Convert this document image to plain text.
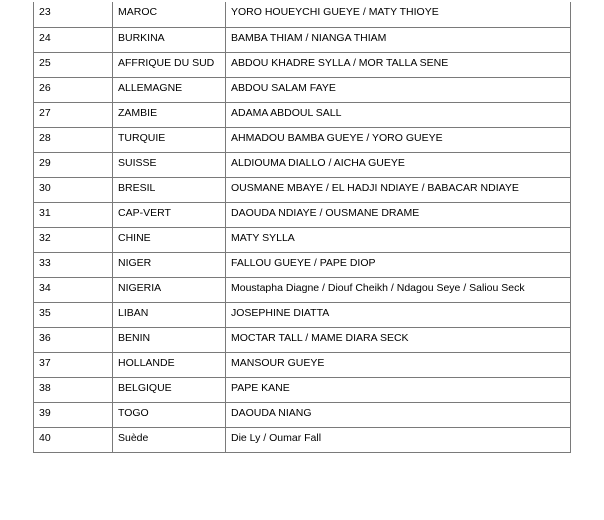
23	MAROC	YORO HOUEYCHI GUEYE / MATY THIOYE
24	BURKINA	BAMBA THIAM / NIANGA THIAM
25	AFFRIQUE DU SUD	ABDOU KHADRE SYLLA / MOR TALLA SENE
26	ALLEMAGNE	ABDOU SALAM FAYE
27	ZAMBIE	ADAMA ABDOUL SALL
28	TURQUIE	AHMADOU BAMBA GUEYE / YORO GUEYE
29	SUISSE	ALDIOUMA DIALLO / AICHA GUEYE
30	BRESIL	OUSMANE MBAYE / EL HADJI NDIAYE / BABACAR NDIAYE
31	CAP-VERT	DAOUDA NDIAYE / OUSMANE DRAME
32	CHINE	MATY SYLLA
33	NIGER	FALLOU GUEYE / PAPE DIOP
34	NIGERIA	Moustapha Diagne / Diouf Cheikh / Ndagou Seye / Saliou Seck
35	LIBAN	JOSEPHINE DIATTA
36	BENIN	MOCTAR TALL / MAME DIARA SECK
37	HOLLANDE	MANSOUR GUEYE
38	BELGIQUE	PAPE KANE
39	TOGO	DAOUDA NIANG
40	Suède	Die Ly / Oumar Fall
